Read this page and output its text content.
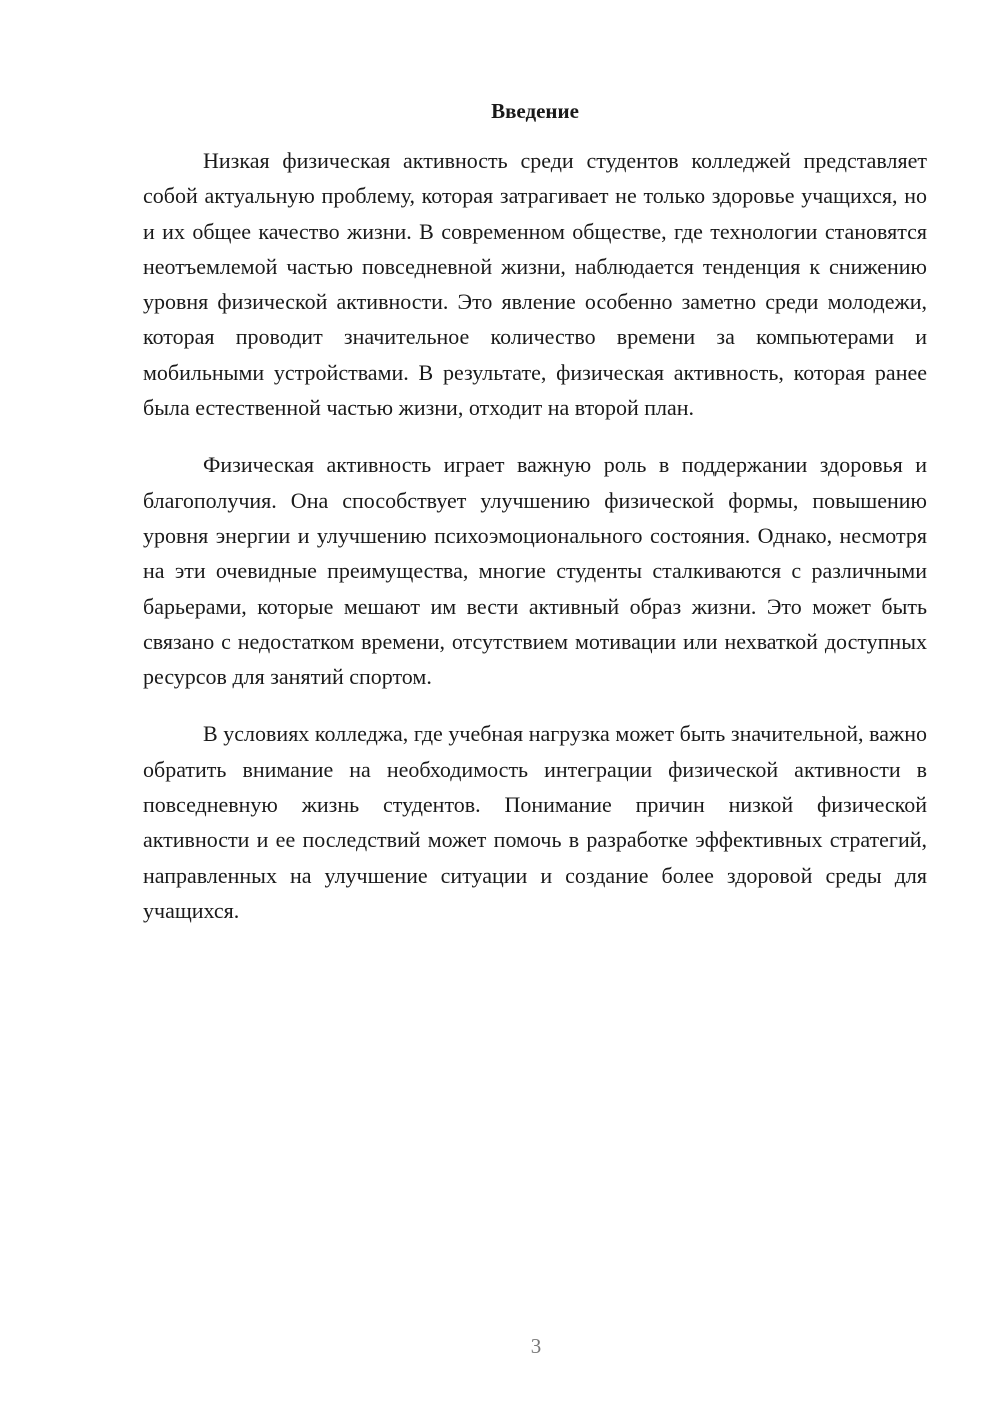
Введение

Низкая физическая активность среди студентов колледжей представляет собой актуальную проблему, которая затрагивает не только здоровье учащихся, но и их общее качество жизни. В современном обществе, где технологии становятся неотъемлемой частью повседневной жизни, наблюдается тенденция к снижению уровня физической активности. Это явление особенно заметно среди молодежи, которая проводит значительное количество времени за компьютерами и мобильными устройствами. В результате, физическая активность, которая ранее была естественной частью жизни, отходит на второй план.

Физическая активность играет важную роль в поддержании здоровья и благополучия. Она способствует улучшению физической формы, повышению уровня энергии и улучшению психоэмоционального состояния. Однако, несмотря на эти очевидные преимущества, многие студенты сталкиваются с различными барьерами, которые мешают им вести активный образ жизни. Это может быть связано с недостатком времени, отсутствием мотивации или нехваткой доступных ресурсов для занятий спортом.

В условиях колледжа, где учебная нагрузка может быть значительной, важно обратить внимание на необходимость интеграции физической активности в повседневную жизнь студентов. Понимание причин низкой физической активности и ее последствий может помочь в разработке эффективных стратегий, направленных на улучшение ситуации и создание более здоровой среды для учащихся.

3
